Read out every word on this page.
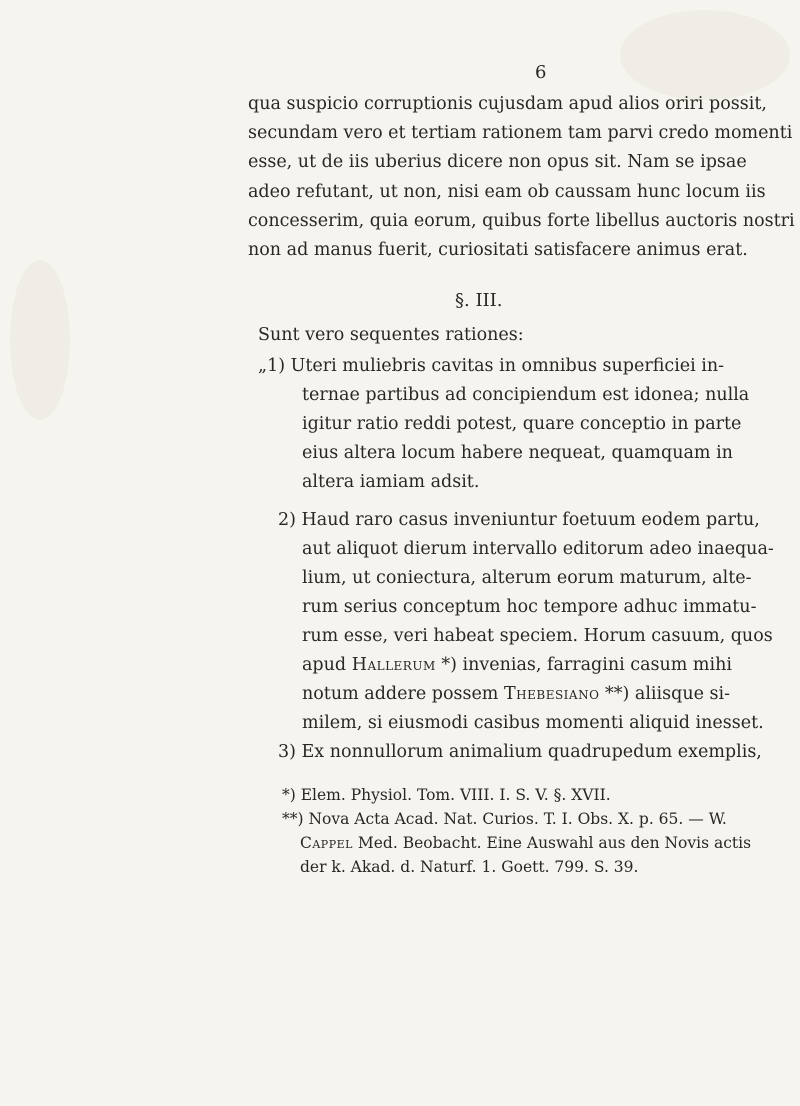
6
qua suspicio corruptionis cujusdam apud alios oriri possit,
secundam vero et tertiam rationem tam parvi credo momenti
esse, ut de iis uberius dicere non opus sit. Nam se ipsae
adeo refutant, ut non, nisi eam ob caussam hunc locum iis
concesserim, quia eorum, quibus forte libellus auctoris nostri
non ad manus fuerit, curiositati satisfacere animus erat.
§. III.
Sunt vero sequentes rationes:
„1) Uteri muliebris cavitas in omnibus superficiei in-
ternae partibus ad concipiendum est idonea; nulla
igitur ratio reddi potest, quare conceptio in parte
eius altera locum habere nequeat, quamquam in
altera iamiam adsit.
2) Haud raro casus inveniuntur foetuum eodem partu,
aut aliquot dierum intervallo editorum adeo inaequa-
lium, ut coniectura, alterum eorum maturum, alte-
rum serius conceptum hoc tempore adhuc immatu-
rum esse, veri habeat speciem. Horum casuum, quos
apud Hallerum *) invenias, farragini casum mihi
notum addere possem Thebesiano **) aliisque si-
milem, si eiusmodi casibus momenti aliquid inesset.
3) Ex nonnullorum animalium quadrupedum exemplis,
*) Elem. Physiol. Tom. VIII. I. S. V. §. XVII.
**) Nova Acta Acad. Nat. Curios. T. I. Obs. X. p. 65. — W.
Cappel Med. Beobacht. Eine Auswahl aus den Novis actis
der k. Akad. d. Naturf. 1. Goett. 799. S. 39.
